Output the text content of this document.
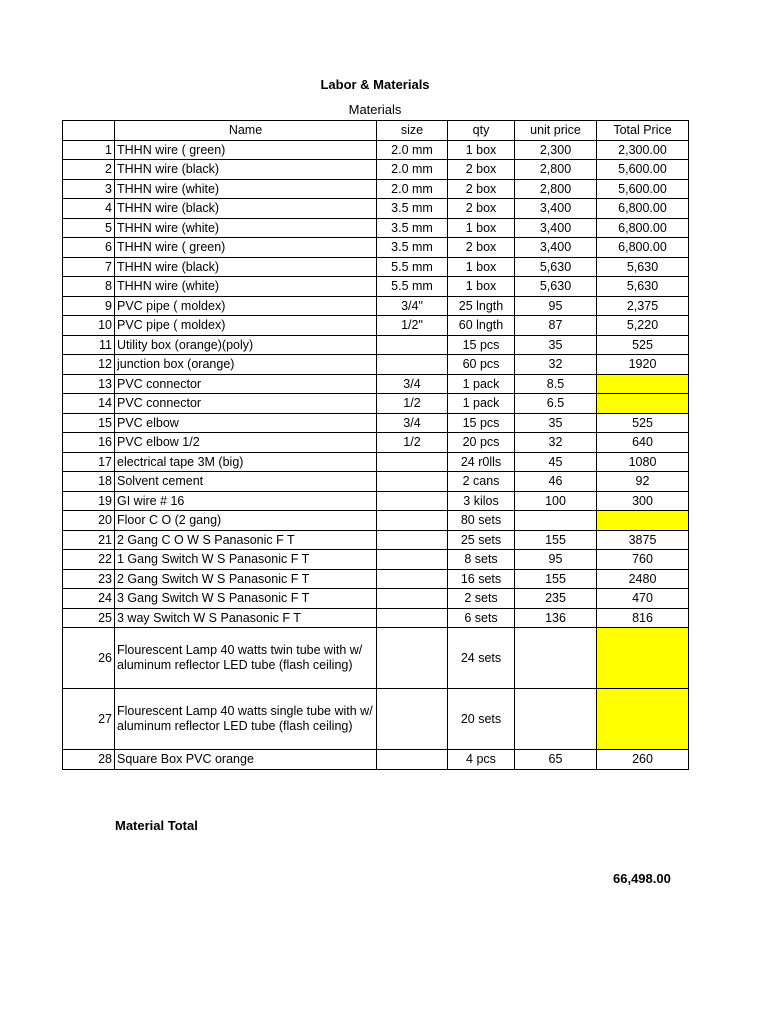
Labor & Materials
Materials
	Name	size	qty	unit price	Total Price
1	THHN wire ( green)	2.0 mm	1 box	2,300	2,300.00
2	THHN wire (black)	2.0 mm	2 box	2,800	5,600.00
3	THHN wire (white)	2.0 mm	2 box	2,800	5,600.00
4	THHN wire (black)	3.5 mm	2 box	3,400	6,800.00
5	THHN wire (white)	3.5 mm	1 box	3,400	6,800.00
6	THHN wire ( green)	3.5 mm	2 box	3,400	6,800.00
7	THHN wire (black)	5.5 mm	1 box	5,630	5,630
8	THHN wire (white)	5.5 mm	1 box	5,630	5,630
9	PVC pipe ( moldex)	3/4"	25 lngth	95	2,375
10	PVC pipe ( moldex)	1/2"	60 lngth	87	5,220
11	Utility box (orange)(poly)		15 pcs	35	525
12	junction box (orange)		60 pcs	32	1920
13	PVC connector	3/4	1 pack	8.5	
14	PVC connector	1/2	1 pack	6.5	
15	PVC elbow	3/4	15 pcs	35	525
16	PVC elbow 1/2	1/2	20 pcs	32	640
17	electrical tape 3M (big)		24 r0lls	45	1080
18	Solvent cement		2 cans	46	92
19	GI wire # 16		3 kilos	100	300
20	Floor C O (2 gang)		80 sets		
21	2 Gang C O W S Panasonic F T		25 sets	155	3875
22	1 Gang Switch W S Panasonic F T		8 sets	95	760
23	2 Gang Switch W S Panasonic F T		16 sets	155	2480
24	3 Gang Switch W S Panasonic F T		2 sets	235	470
25	3 way Switch W S Panasonic F T		6 sets	136	816
26	Flourescent Lamp 40 watts twin tube with w/ aluminum reflector LED tube (flash ceiling)		24 sets		
27	Flourescent Lamp 40 watts single tube with w/ aluminum reflector LED tube (flash ceiling)		20 sets		
28	Square Box PVC orange		4 pcs	65	260
Material Total
66,498.00
